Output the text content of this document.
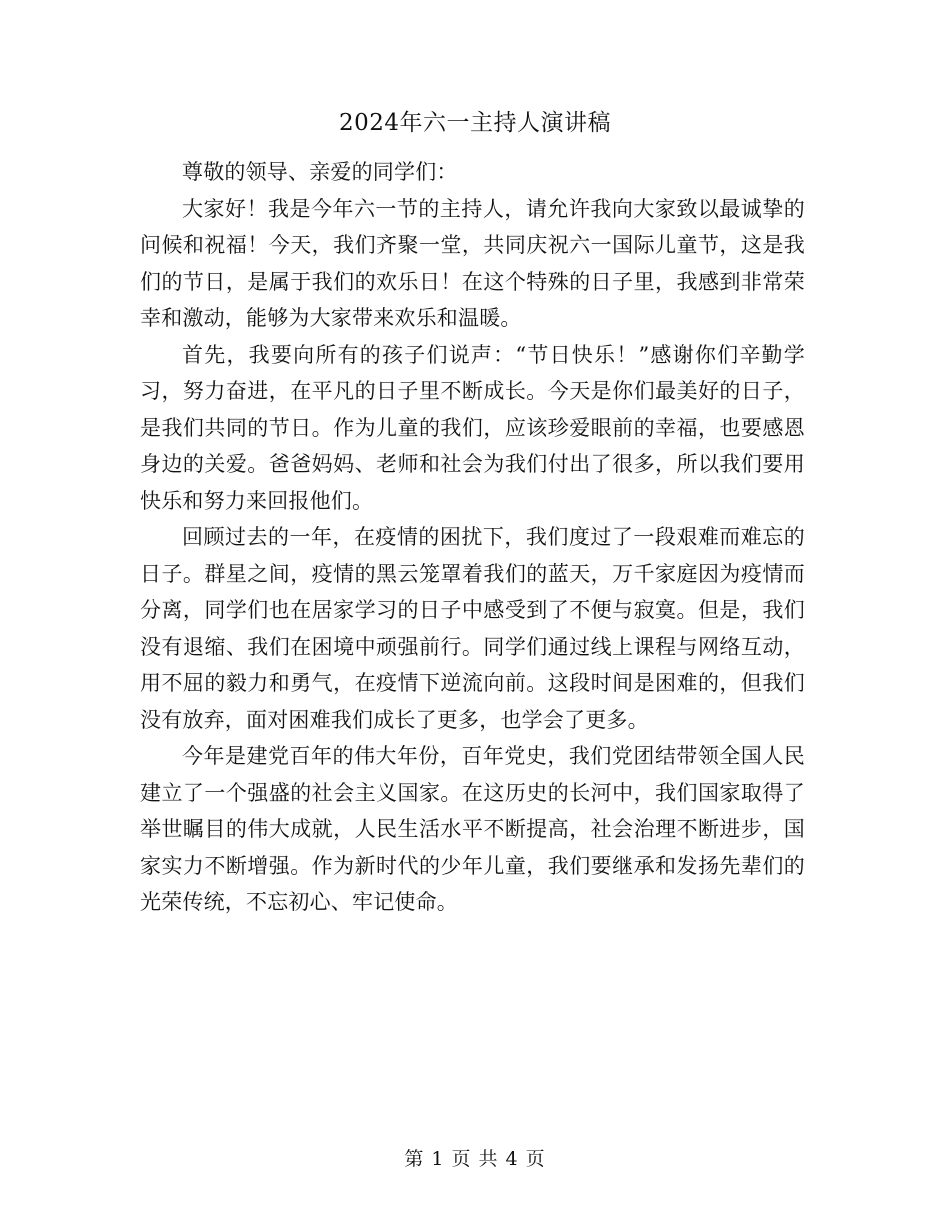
2024年六一主持人演讲稿

尊敬的领导、亲爱的同学们：

大家好！我是今年六一节的主持人，请允许我向大家致以最诚挚的问候和祝福！今天，我们齐聚一堂，共同庆祝六一国际儿童节，这是我们的节日，是属于我们的欢乐日！在这个特殊的日子里，我感到非常荣幸和激动，能够为大家带来欢乐和温暖。

首先，我要向所有的孩子们说声：“节日快乐！”感谢你们辛勤学习，努力奋进，在平凡的日子里不断成长。今天是你们最美好的日子，是我们共同的节日。作为儿童的我们，应该珍爱眼前的幸福，也要感恩身边的关爱。爸爸妈妈、老师和社会为我们付出了很多，所以我们要用快乐和努力来回报他们。

回顾过去的一年，在疫情的困扰下，我们度过了一段艰难而难忘的日子。群星之间，疫情的黑云笼罩着我们的蓝天，万千家庭因为疫情而分离，同学们也在居家学习的日子中感受到了不便与寂寞。但是，我们没有退缩、我们在困境中顽强前行。同学们通过线上课程与网络互动，用不屈的毅力和勇气，在疫情下逆流向前。这段时间是困难的，但我们没有放弃，面对困难我们成长了更多，也学会了更多。

今年是建党百年的伟大年份，百年党史，我们党团结带领全国人民建立了一个强盛的社会主义国家。在这历史的长河中，我们国家取得了举世瞩目的伟大成就，人民生活水平不断提高，社会治理不断进步，国家实力不断增强。作为新时代的少年儿童，我们要继承和发扬先辈们的光荣传统，不忘初心、牢记使命。

第 1 页 共 4 页
